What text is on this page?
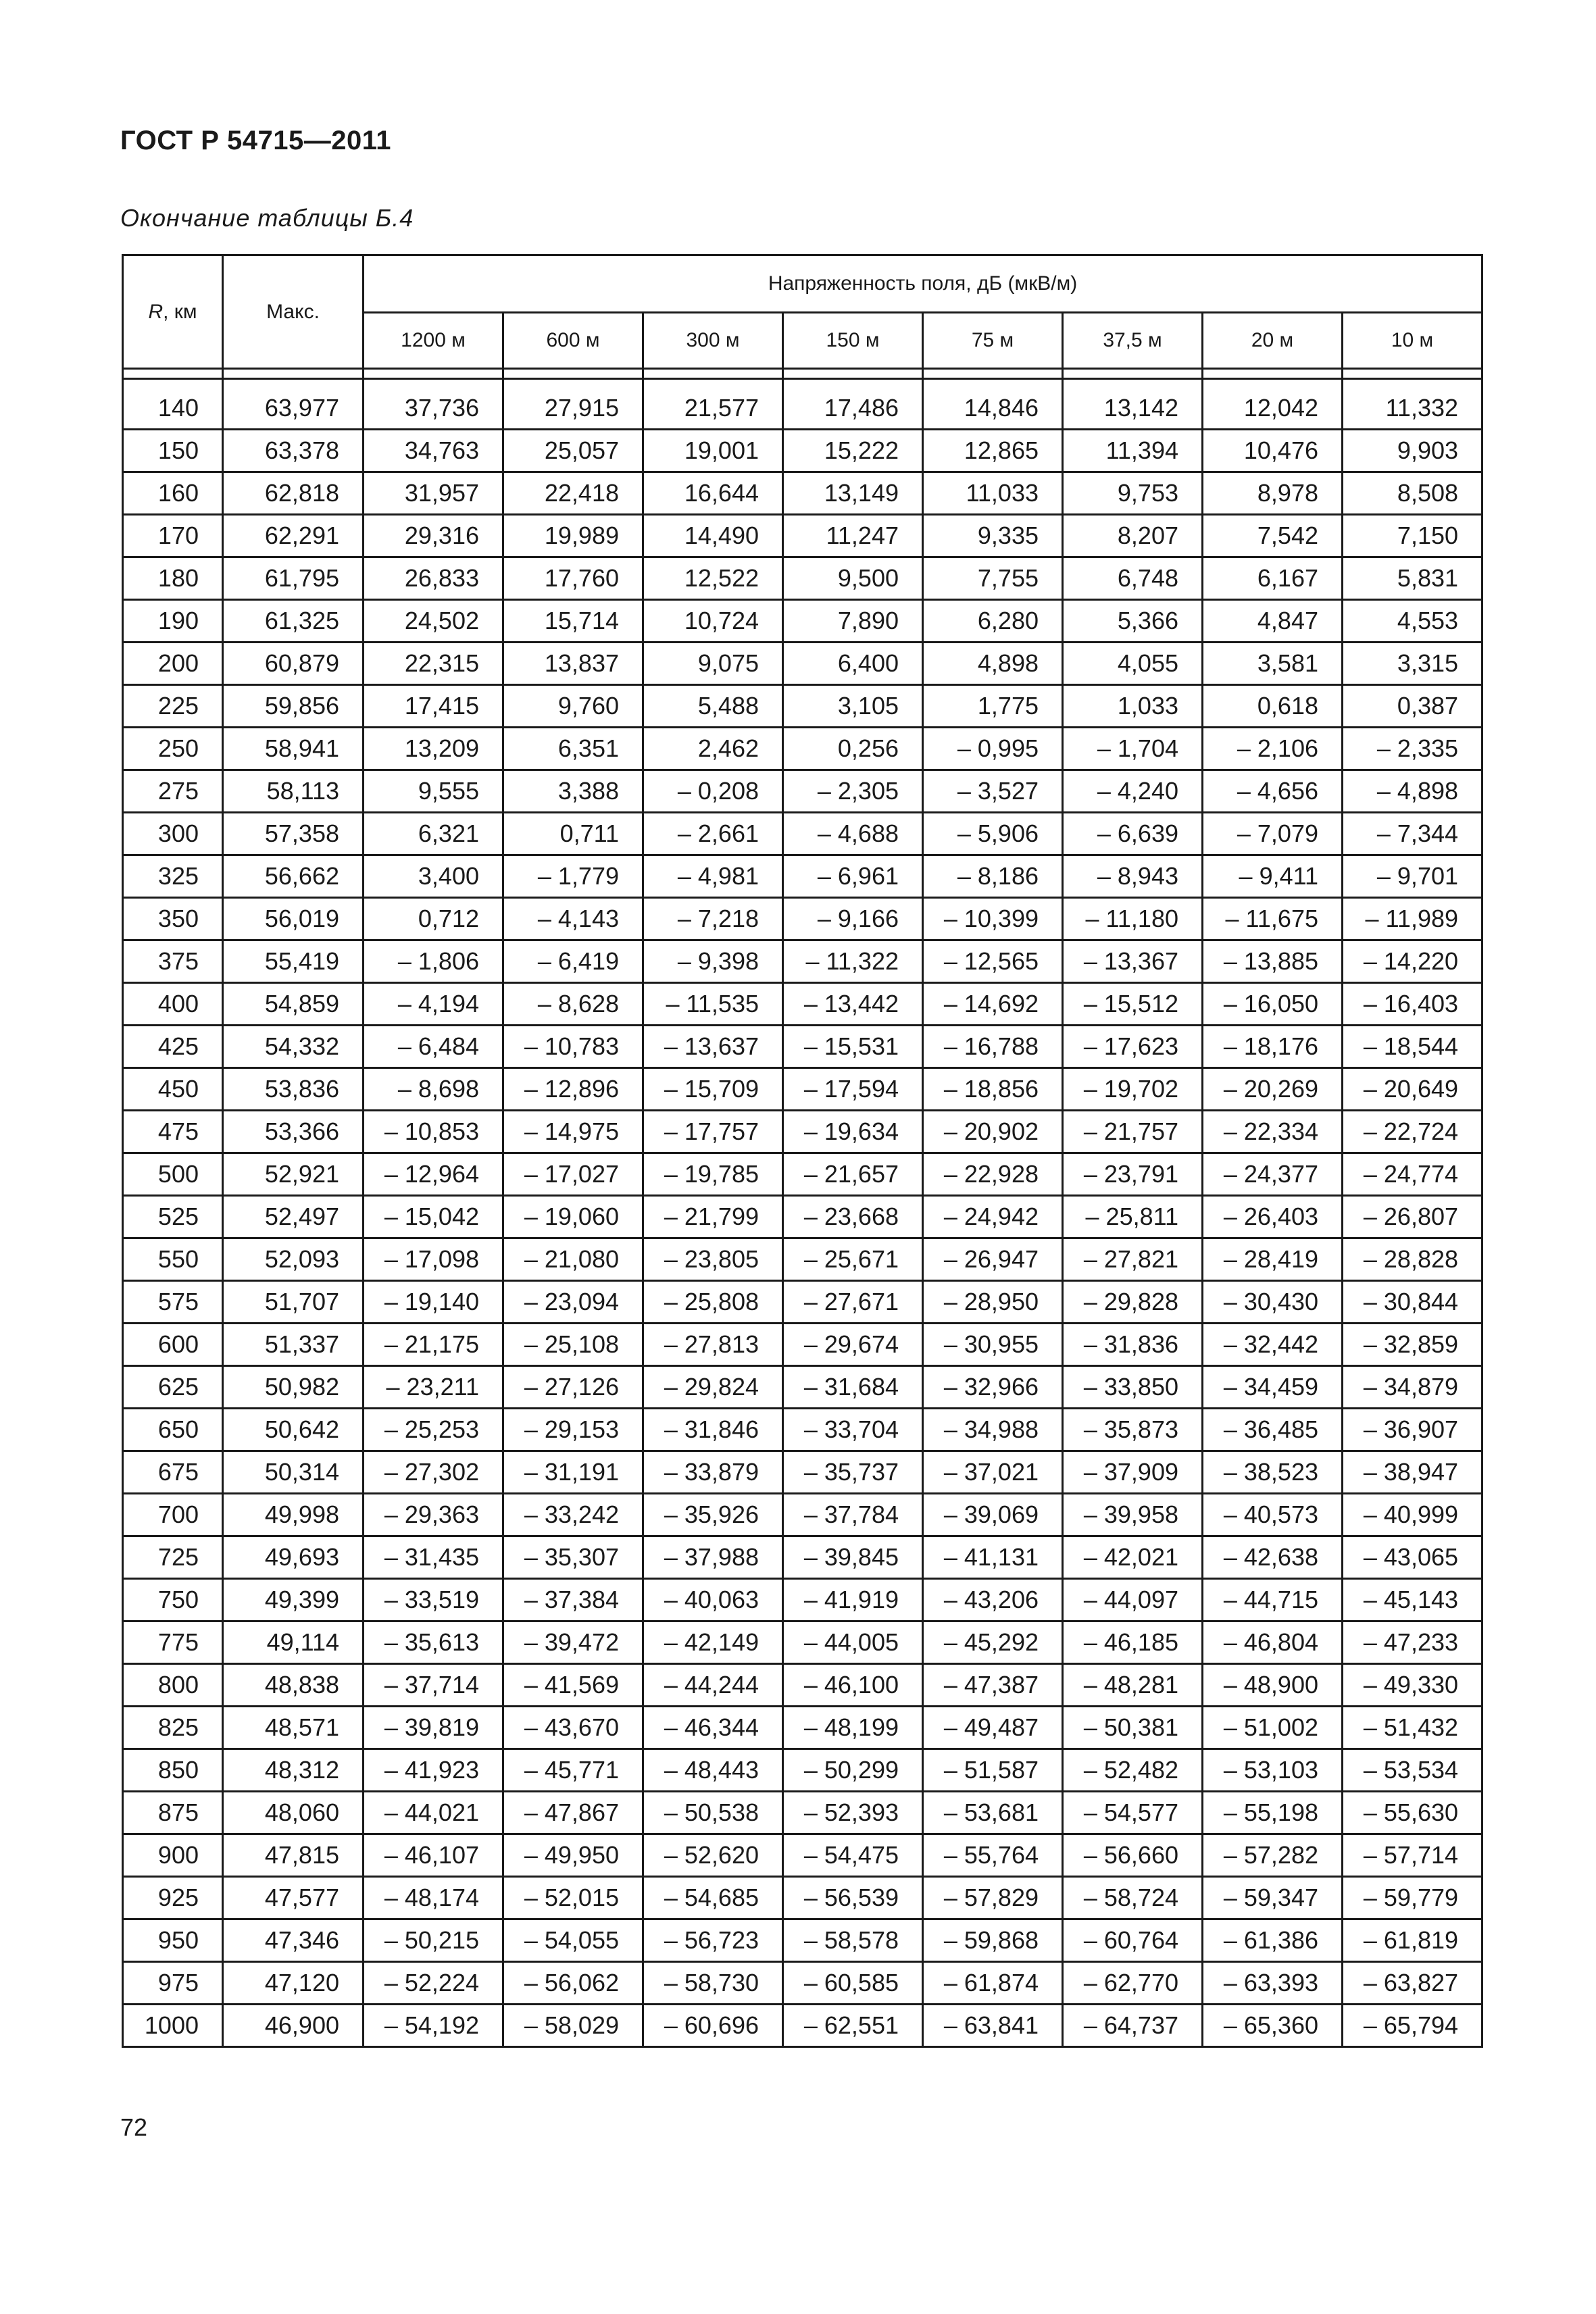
ГОСТ Р 54715—2011
Окончание таблицы Б.4
R, км	Макс.	Напряженность поля, дБ (мкВ/м)							
		1200 м	600 м	300 м	150 м	75 м	37,5 м	20 м	10 м

140	63,977	37,736	27,915	21,577	17,486	14,846	13,142	12,042	11,332
150	63,378	34,763	25,057	19,001	15,222	12,865	11,394	10,476	9,903
160	62,818	31,957	22,418	16,644	13,149	11,033	9,753	8,978	8,508
170	62,291	29,316	19,989	14,490	11,247	9,335	8,207	7,542	7,150
180	61,795	26,833	17,760	12,522	9,500	7,755	6,748	6,167	5,831
190	61,325	24,502	15,714	10,724	7,890	6,280	5,366	4,847	4,553
200	60,879	22,315	13,837	9,075	6,400	4,898	4,055	3,581	3,315
225	59,856	17,415	9,760	5,488	3,105	1,775	1,033	0,618	0,387
250	58,941	13,209	6,351	2,462	0,256	– 0,995	– 1,704	– 2,106	– 2,335
275	58,113	9,555	3,388	– 0,208	– 2,305	– 3,527	– 4,240	– 4,656	– 4,898
300	57,358	6,321	0,711	– 2,661	– 4,688	– 5,906	– 6,639	– 7,079	– 7,344
325	56,662	3,400	– 1,779	– 4,981	– 6,961	– 8,186	– 8,943	– 9,411	– 9,701
350	56,019	0,712	– 4,143	– 7,218	– 9,166	– 10,399	– 11,180	– 11,675	– 11,989
375	55,419	– 1,806	– 6,419	– 9,398	– 11,322	– 12,565	– 13,367	– 13,885	– 14,220
400	54,859	– 4,194	– 8,628	– 11,535	– 13,442	– 14,692	– 15,512	– 16,050	– 16,403
425	54,332	– 6,484	– 10,783	– 13,637	– 15,531	– 16,788	– 17,623	– 18,176	– 18,544
450	53,836	– 8,698	– 12,896	– 15,709	– 17,594	– 18,856	– 19,702	– 20,269	– 20,649
475	53,366	– 10,853	– 14,975	– 17,757	– 19,634	– 20,902	– 21,757	– 22,334	– 22,724
500	52,921	– 12,964	– 17,027	– 19,785	– 21,657	– 22,928	– 23,791	– 24,377	– 24,774
525	52,497	– 15,042	– 19,060	– 21,799	– 23,668	– 24,942	– 25,811	– 26,403	– 26,807
550	52,093	– 17,098	– 21,080	– 23,805	– 25,671	– 26,947	– 27,821	– 28,419	– 28,828
575	51,707	– 19,140	– 23,094	– 25,808	– 27,671	– 28,950	– 29,828	– 30,430	– 30,844
600	51,337	– 21,175	– 25,108	– 27,813	– 29,674	– 30,955	– 31,836	– 32,442	– 32,859
625	50,982	– 23,211	– 27,126	– 29,824	– 31,684	– 32,966	– 33,850	– 34,459	– 34,879
650	50,642	– 25,253	– 29,153	– 31,846	– 33,704	– 34,988	– 35,873	– 36,485	– 36,907
675	50,314	– 27,302	– 31,191	– 33,879	– 35,737	– 37,021	– 37,909	– 38,523	– 38,947
700	49,998	– 29,363	– 33,242	– 35,926	– 37,784	– 39,069	– 39,958	– 40,573	– 40,999
725	49,693	– 31,435	– 35,307	– 37,988	– 39,845	– 41,131	– 42,021	– 42,638	– 43,065
750	49,399	– 33,519	– 37,384	– 40,063	– 41,919	– 43,206	– 44,097	– 44,715	– 45,143
775	49,114	– 35,613	– 39,472	– 42,149	– 44,005	– 45,292	– 46,185	– 46,804	– 47,233
800	48,838	– 37,714	– 41,569	– 44,244	– 46,100	– 47,387	– 48,281	– 48,900	– 49,330
825	48,571	– 39,819	– 43,670	– 46,344	– 48,199	– 49,487	– 50,381	– 51,002	– 51,432
850	48,312	– 41,923	– 45,771	– 48,443	– 50,299	– 51,587	– 52,482	– 53,103	– 53,534
875	48,060	– 44,021	– 47,867	– 50,538	– 52,393	– 53,681	– 54,577	– 55,198	– 55,630
900	47,815	– 46,107	– 49,950	– 52,620	– 54,475	– 55,764	– 56,660	– 57,282	– 57,714
925	47,577	– 48,174	– 52,015	– 54,685	– 56,539	– 57,829	– 58,724	– 59,347	– 59,779
950	47,346	– 50,215	– 54,055	– 56,723	– 58,578	– 59,868	– 60,764	– 61,386	– 61,819
975	47,120	– 52,224	– 56,062	– 58,730	– 60,585	– 61,874	– 62,770	– 63,393	– 63,827
1000	46,900	– 54,192	– 58,029	– 60,696	– 62,551	– 63,841	– 64,737	– 65,360	– 65,794
72
